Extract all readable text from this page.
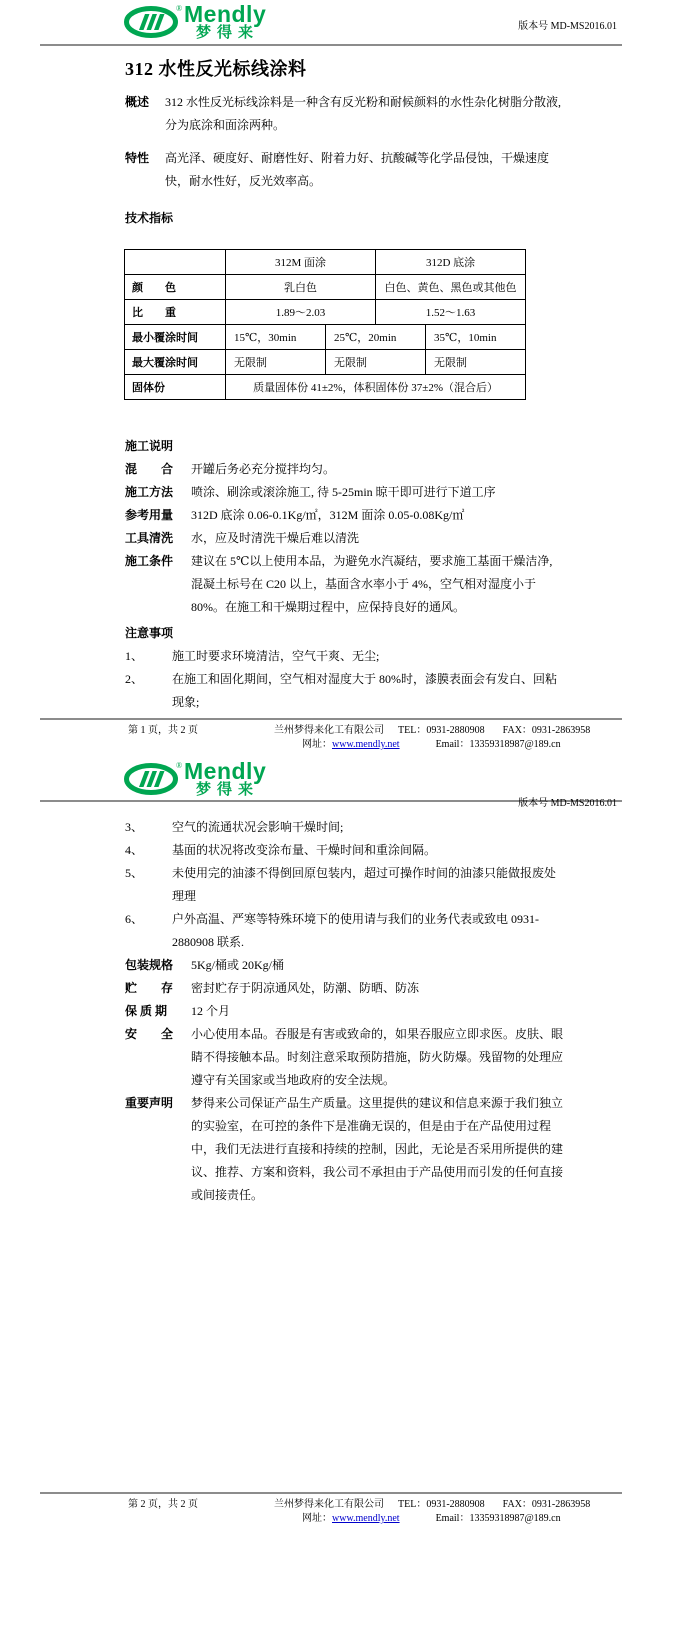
® Mendly
梦得来	版本号 MD-MS2016.01
312 水性反光标线涂料
概述	312 水性反光标线涂料是一种含有反光粉和耐候颜料的水性杂化树脂分散液, 分为底涂和面涂两种。
特性	高光泽、硬度好、耐磨性好、附着力好、抗酸碱等化学品侵蚀，干燥速度快，耐水性好，反光效率高。
技术指标
	312M 面涂		312D 底涂	
颜　　色	乳白色		白色、黄色、黑色或其他色	
比　　重	1.89～2.03		1.52～1.63	
最小覆涂时间	15℃，30min	25℃，20min		35℃，10min
最大覆涂时间	无限制	无限制		无限制
固体份	质量固体份 41±2%，体积固体份 37±2%（混合后）			
施工说明
混　　合	开罐后务必充分搅拌均匀。
施工方法	喷涂、刷涂或滚涂施工, 待 5-25min 晾干即可进行下道工序
参考用量	312D 底涂 0.06-0.1Kg/㎡，312M 面涂 0.05-0.08Kg/㎡
工具清洗	水，应及时清洗干燥后难以清洗
施工条件	建议在 5℃以上使用本品，为避免水汽凝结，要求施工基面干燥洁净, 混凝土标号在 C20 以上，基面含水率小于 4%，空气相对湿度小于 80%。在施工和干燥期过程中，应保持良好的通风。
注意事项
1、	施工时要求环境清洁，空气干爽、无尘;
2、	在施工和固化期间，空气相对湿度大于 80%时，漆膜表面会有发白、回粘现象;
第 1 页，共 2 页	兰州梦得来化工有限公司 TEL：0931-2880908 FAX：0931-2863958
网址：www.mendly.net	Email：13359318987@189.cn
® Mendly
梦得来
版本号 MD-MS2016.01
3、	空气的流通状况会影响干燥时间;
4、	基面的状况将改变涂布量、干燥时间和重涂间隔。
5、	未使用完的油漆不得倒回原包装内，超过可操作时间的油漆只能做报废处理理
6、	户外高温、严寒等特殊环境下的使用请与我们的业务代表或致电 0931-2880908 联系.
包装规格	5Kg/桶或 20Kg/桶
贮　　存	密封贮存于阴凉通风处，防潮、防晒、防冻
保 质 期	12 个月
安　　全	小心使用本品。吞服是有害或致命的，如果吞服应立即求医。皮肤、眼睛不得接触本品。时刻注意采取预防措施，防火防爆。残留物的处理应遵守有关国家或当地政府的安全法规。
重要声明	梦得来公司保证产品生产质量。这里提供的建议和信息来源于我们独立的实验室，在可控的条件下是准确无误的，但是由于在产品使用过程中，我们无法进行直接和持续的控制，因此，无论是否采用所提供的建议、推荐、方案和资料，我公司不承担由于产品使用而引发的任何直接或间接责任。
第 2 页，共 2 页	兰州梦得来化工有限公司 TEL：0931-2880908 FAX：0931-2863958
网址：www.mendly.net	Email：13359318987@189.cn
